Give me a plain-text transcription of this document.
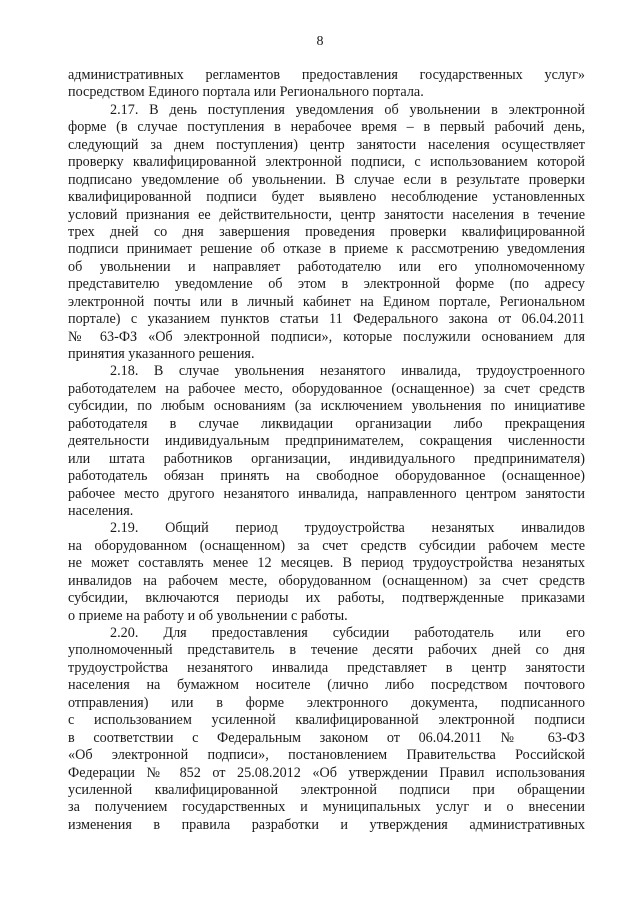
8
административных регламентов предоставления государственных услуг»
посредством Единого портала или Регионального портала.
2.17. В день поступления уведомления об увольнении в электронной
форме (в случае поступления в нерабочее время – в первый рабочий день,
следующий за днем поступления) центр занятости населения осуществляет
проверку квалифицированной электронной подписи, с использованием которой
подписано уведомление об увольнении. В случае если в результате проверки
квалифицированной подписи будет выявлено несоблюдение установленных
условий признания ее действительности, центр занятости населения в течение
трех дней со дня завершения проведения проверки квалифицированной
подписи принимает решение об отказе в приеме к рассмотрению уведомления
об увольнении и направляет работодателю или его уполномоченному
представителю уведомление об этом в электронной форме (по адресу
электронной почты или в личный кабинет на Едином портале, Региональном
портале) с указанием пунктов статьи 11 Федерального закона от 06.04.2011
№ 63-ФЗ «Об электронной подписи», которые послужили основанием для
принятия указанного решения.
2.18. В случае увольнения незанятого инвалида, трудоустроенного
работодателем на рабочее место, оборудованное (оснащенное) за счет средств
субсидии, по любым основаниям (за исключением увольнения по инициативе
работодателя в случае ликвидации организации либо прекращения
деятельности индивидуальным предпринимателем, сокращения численности
или штата работников организации, индивидуального предпринимателя)
работодатель обязан принять на свободное оборудованное (оснащенное)
рабочее место другого незанятого инвалида, направленного центром занятости
населения.
2.19. Общий период трудоустройства незанятых инвалидов
на оборудованном (оснащенном) за счет средств субсидии рабочем месте
не может составлять менее 12 месяцев. В период трудоустройства незанятых
инвалидов на рабочем месте, оборудованном (оснащенном) за счет средств
субсидии, включаются периоды их работы, подтвержденные приказами
о приеме на работу и об увольнении с работы.
2.20. Для предоставления субсидии работодатель или его
уполномоченный представитель в течение десяти рабочих дней со дня
трудоустройства незанятого инвалида представляет в центр занятости
населения на бумажном носителе (лично либо посредством почтового
отправления) или в форме электронного документа, подписанного
с использованием усиленной квалифицированной электронной подписи
в соответствии с Федеральным законом от 06.04.2011 № 63-ФЗ
«Об электронной подписи», постановлением Правительства Российской
Федерации № 852 от 25.08.2012 «Об утверждении Правил использования
усиленной квалифицированной электронной подписи при обращении
за получением государственных и муниципальных услуг и о внесении
изменения в правила разработки и утверждения административных
